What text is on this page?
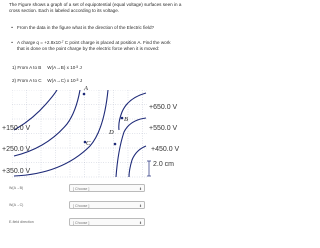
The Figure shows a graph of a set of equipotential (equal voltage) surfaces seen in a cross section. Each is labeled according to its voltage.
• From the data in the figure what is the direction of the Electric field?
• A charge $q = +2.8x10^{-7}$ C point charge is placed at position A. Find the work that is done on the point charge by the electric force when it is moved:
1) From A to B W(A→B) x $10^{-5}$ J
2) From A to C W(A→C) x $10^{-5}$ J
A
B
C
D
+150.0 V
+250.0 V
+350.0 V
+650.0 V
+550.0 V
+450.0 V
2.0 cm
W(A→B)	[ Choose ]	⬍
W(A→C)	[ Choose ]	⬍
E-field direction	[ Choose ]	⬍
